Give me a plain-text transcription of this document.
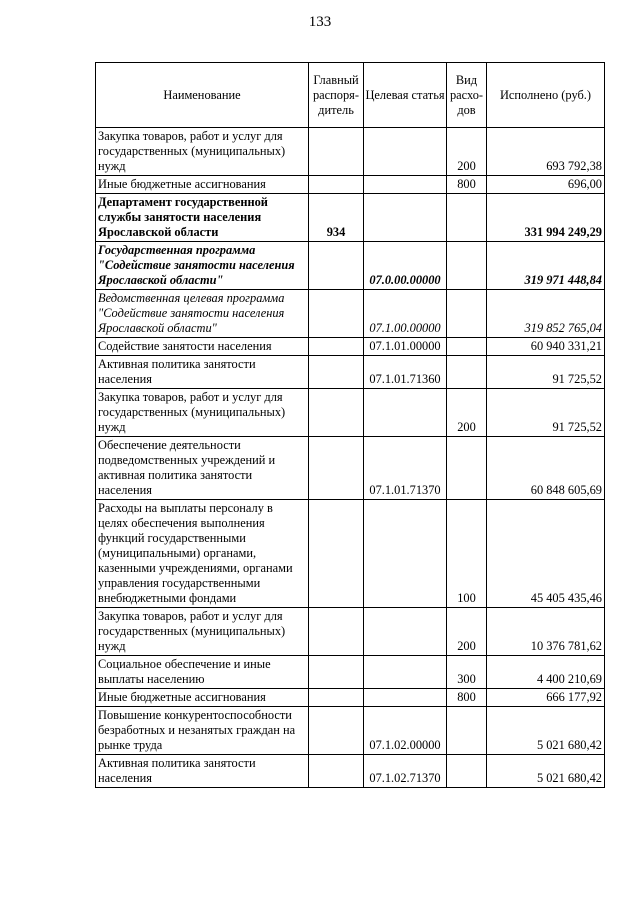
133
Наименование	Главный распоря-дитель	Целевая статья	Вид расхо-дов	Исполнено (руб.)
Закупка товаров, работ и услуг для государственных (муниципальных) нужд			200	693 792,38
Иные бюджетные ассигнования			800	696,00
Департамент государственной службы занятости населения Ярославской области	934			331 994 249,29
Государственная программа "Содействие занятости населения Ярославской области"		07.0.00.00000		319 971 448,84
Ведомственная целевая программа "Содействие занятости населения Ярославской области"		07.1.00.00000		319 852 765,04
Содействие занятости населения		07.1.01.00000		60 940 331,21
Активная политика занятости населения		07.1.01.71360		91 725,52
Закупка товаров, работ и услуг для государственных (муниципальных) нужд			200	91 725,52
Обеспечение деятельности подведомственных учреждений и активная политика занятости населения		07.1.01.71370		60 848 605,69
Расходы на выплаты персоналу в целях обеспечения выполнения функций государственными (муниципальными) органами, казенными учреждениями, органами управления государственными внебюджетными фондами			100	45 405 435,46
Закупка товаров, работ и услуг для государственных (муниципальных) нужд			200	10 376 781,62
Социальное обеспечение и иные выплаты населению			300	4 400 210,69
Иные бюджетные ассигнования			800	666 177,92
Повышение конкурентоспособности безработных и незанятых граждан на рынке труда		07.1.02.00000		5 021 680,42
Активная политика занятости населения		07.1.02.71370		5 021 680,42
